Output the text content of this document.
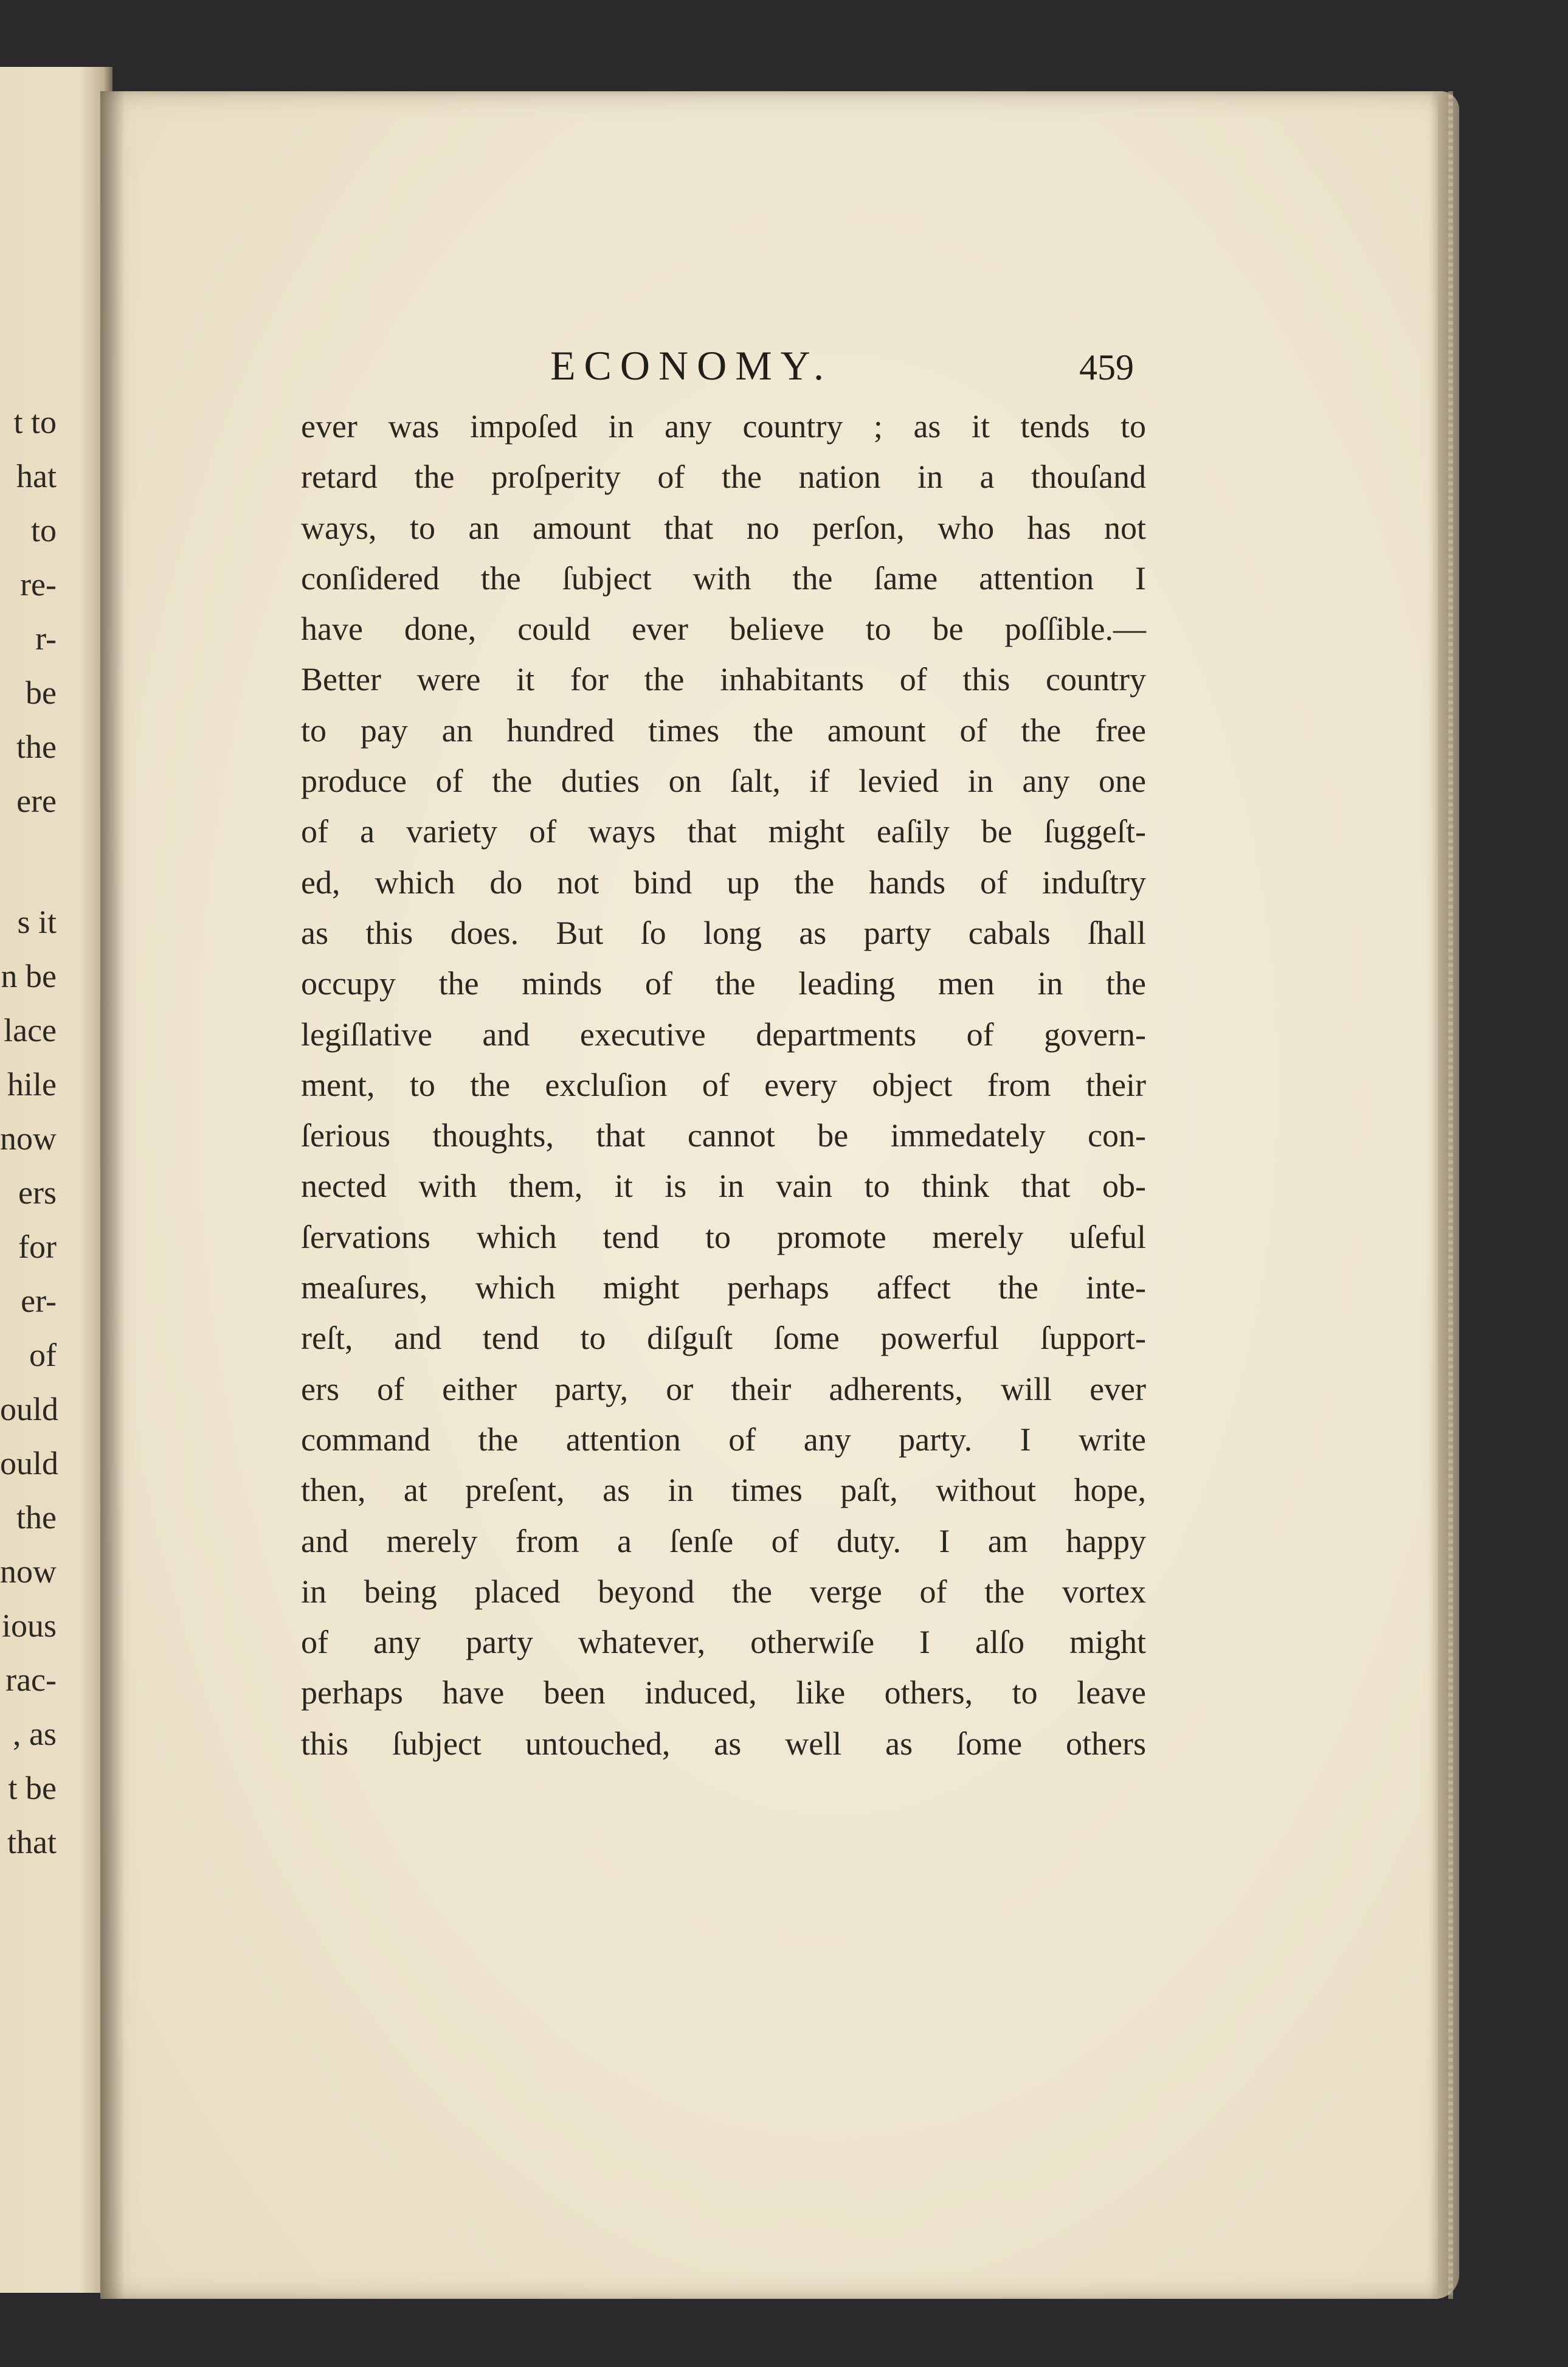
t to
hat
to
re-
r-
be
the
ere
s it
n be
lace
hile
now
ers
for
er-
of
ould
ould
the
now
ious
rac-
, as
t be
that
ECONOMY.	459
ever was impoſed in any country ; as it tends to
retard the proſperity of the nation in a thouſand
ways, to an amount that no perſon, who has not
conſidered the ſubject with the ſame attention I
have done, could ever believe to be poſſible.—
Better were it for the inhabitants of this country
to pay an hundred times the amount of the free
produce of the duties on ſalt, if levied in any one
of a variety of ways that might eaſily be ſuggeſt-
ed, which do not bind up the hands of induſtry
as this does. But ſo long as party cabals ſhall
occupy the minds of the leading men in the
legiſlative and executive departments of govern-
ment, to the excluſion of every object from their
ſerious thoughts, that cannot be immedately con-
nected with them, it is in vain to think that ob-
ſervations which tend to promote merely uſeful
meaſures, which might perhaps affect the inte-
reſt, and tend to diſguſt ſome powerful ſupport-
ers of either party, or their adherents, will ever
command the attention of any party. I write
then, at preſent, as in times paſt, without hope,
and merely from a ſenſe of duty. I am happy
in being placed beyond the verge of the vortex
of any party whatever, otherwiſe I alſo might
perhaps have been induced, like others, to leave
this ſubject untouched, as well as ſome others
